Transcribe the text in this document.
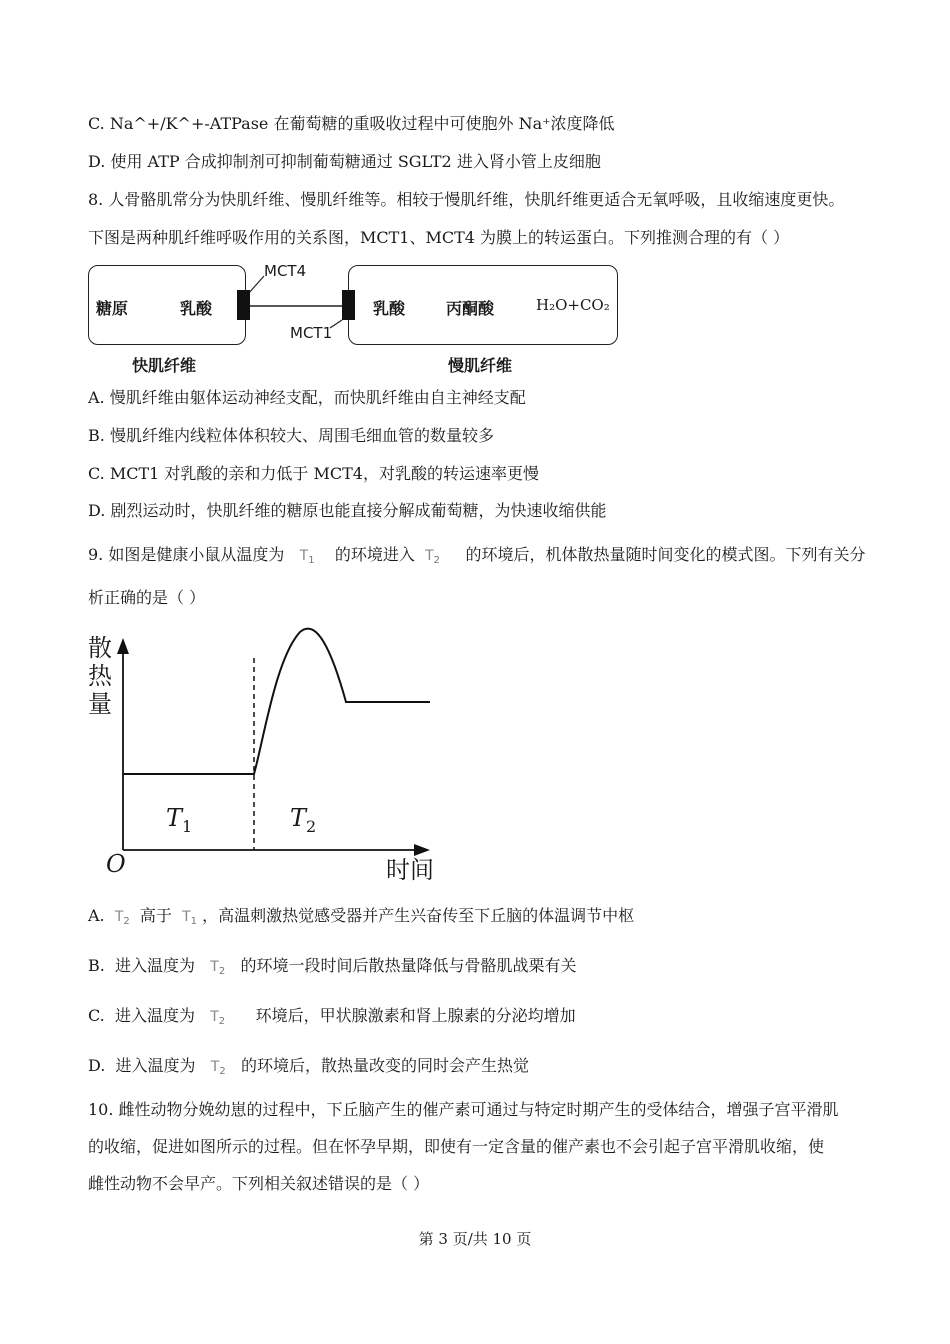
C. Na^+/K^+-ATPase 在葡萄糖的重吸收过程中可使胞外 Na⁺浓度降低
D. 使用 ATP 合成抑制剂可抑制葡萄糖通过 SGLT2 进入肾小管上皮细胞
8. 人骨骼肌常分为快肌纤维、慢肌纤维等。相较于慢肌纤维，快肌纤维更适合无氧呼吸，且收缩速度更快。
下图是两种肌纤维呼吸作用的关系图，MCT1、MCT4 为膜上的转运蛋白。下列推测合理的有（ ）
糖原	乳酸	乳酸	丙酮酸	H₂O+CO₂
MCT4
MCT1
快肌纤维	慢肌纤维
A. 慢肌纤维由躯体运动神经支配，而快肌纤维由自主神经支配
B. 慢肌纤维内线粒体体积较大、周围毛细血管的数量较多
C. MCT1 对乳酸的亲和力低于 MCT4，对乳酸的转运速率更慢
D. 剧烈运动时，快肌纤维的糖原也能直接分解成葡萄糖，为快速收缩供能
9. 如图是健康小鼠从温度为 $T_1$ 的环境进入 $T_2$ 的环境后，机体散热量随时间变化的模式图。下列有关分
析正确的是（ ）
散
热
量
O	时间
$T_1$	$T_2$
A. $T_2$ 高于 $T_1$ ，高温刺激热觉感受器并产生兴奋传至下丘脑的体温调节中枢
B. 进入温度为 $T_2$ 的环境一段时间后散热量降低与骨骼肌战栗有关
C. 进入温度为 $T_2$ 环境后，甲状腺激素和肾上腺素的分泌均增加
D. 进入温度为 $T_2$ 的环境后，散热量改变的同时会产生热觉
10. 雌性动物分娩幼崽的过程中，下丘脑产生的催产素可通过与特定时期产生的受体结合，增强子宫平滑肌
的收缩，促进如图所示的过程。但在怀孕早期，即使有一定含量的催产素也不会引起子宫平滑肌收缩，使
雌性动物不会早产。下列相关叙述错误的是（ ）
第 3 页/共 10 页
